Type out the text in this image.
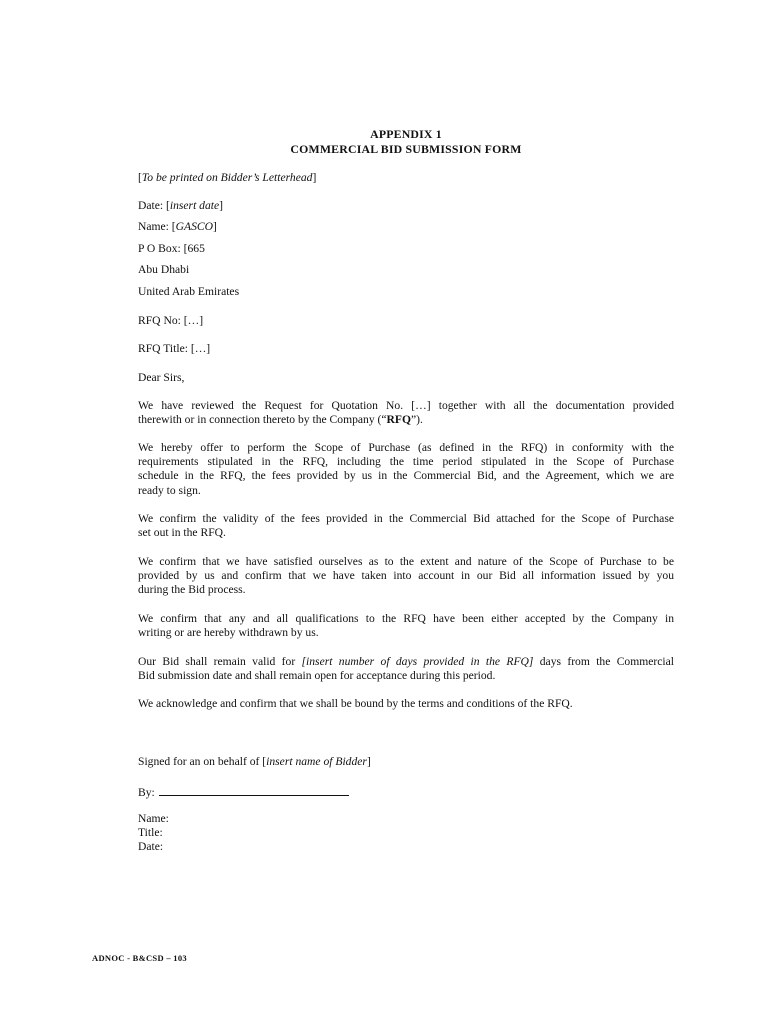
APPENDIX 1
COMMERCIAL BID SUBMISSION FORM
[To be printed on Bidder’s Letterhead]
Date: [insert date]
Name: [GASCO]
P O Box: [665
Abu Dhabi
United Arab Emirates
RFQ No: […]
RFQ Title: […]
Dear Sirs,
We have reviewed the Request for Quotation No. […] together with all the documentation provided
therewith or in connection thereto by the Company (“RFQ”).
We hereby offer to perform the Scope of Purchase (as defined in the RFQ) in conformity with the
requirements stipulated in the RFQ, including the time period stipulated in the Scope of Purchase
schedule in the RFQ, the fees provided by us in the Commercial Bid, and the Agreement, which we are
ready to sign.
We confirm the validity of the fees provided in the Commercial Bid attached for the Scope of Purchase
set out in the RFQ.
We confirm that we have satisfied ourselves as to the extent and nature of the Scope of Purchase to be
provided by us and confirm that we have taken into account in our Bid all information issued by you
during the Bid process.
We confirm that any and all qualifications to the RFQ have been either accepted by the Company in
writing or are hereby withdrawn by us.
Our Bid shall remain valid for [insert number of days provided in the RFQ] days from the Commercial
Bid submission date and shall remain open for acceptance during this period.
We acknowledge and confirm that we shall be bound by the terms and conditions of the RFQ.
Signed for an on behalf of [insert name of Bidder]
By:
Name:
Title:
Date:
ADNOC - B&CSD – 103
